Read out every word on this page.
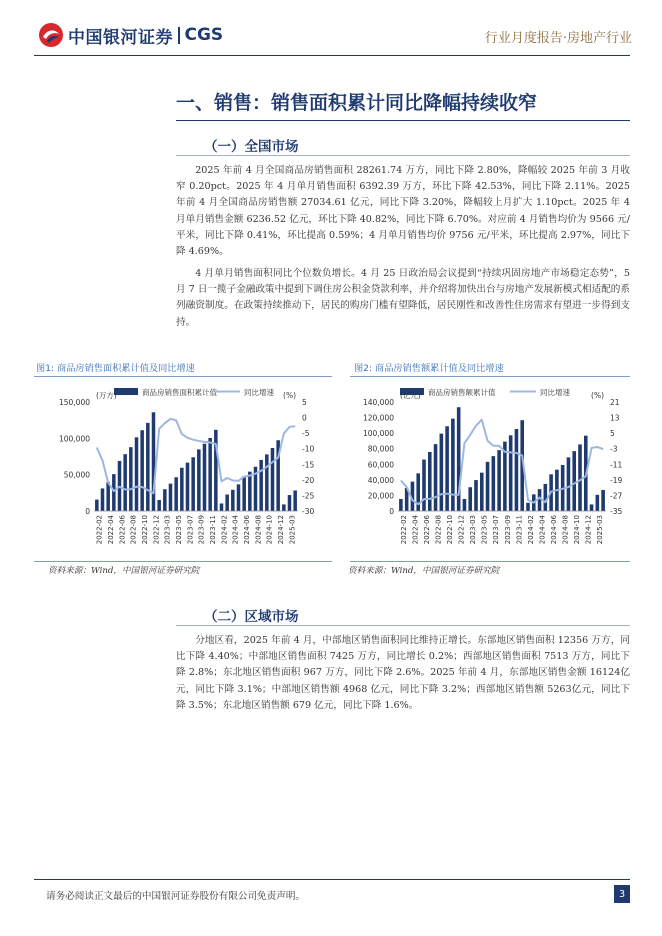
中国银河证券 CGS	行业月度报告·房地产行业
一、销售：销售面积累计同比降幅持续收窄
（一）全国市场
2025 年前 4 月全国商品房销售面积 28261.74 万方，同比下降 2.80%，降幅较 2025 年前 3 月收窄 0.20pct。2025 年 4 月单月销售面积 6392.39 万方，环比下降 42.53%，同比下降 2.11%。2025 年前 4 月全国商品房销售额 27034.61 亿元，同比下降 3.20%，降幅较上月扩大 1.10pct。2025 年 4 月单月销售金额 6236.52 亿元，环比下降 40.82%，同比下降 6.70%。对应前 4 月销售均价为 9566 元/平米，同比下降 0.41%，环比提高 0.59%；4 月单月销售均价 9756 元/平米，环比提高 2.97%，同比下降 4.69%。
4 月单月销售面积同比个位数负增长。4 月 25 日政治局会议提到“持续巩固房地产市场稳定态势”，5 月 7 日一揽子金融政策中提到下调住房公积金贷款利率，并介绍将加快出台与房地产发展新模式相适配的系列融资制度。在政策持续推动下，居民的购房门槛有望降低，居民刚性和改善性住房需求有望进一步得到支持。
图1: 商品房销售面积累计值及同比增速	图2: 商品房销售额累计值及同比增速
商品房销售面积累计值	同比增速
(万方)	(%)
0
50,000
100,000
150,000	5
0
-5
-10
-15
-20
-25
-30
2022-02 2022-04 2022-06 2022-08 2022-10 2022-12 2023-03 2023-05 2023-07 2023-09 2023-11 2024-02 2024-04 2024-06 2024-08 2024-10 2024-12 2025-03
商品房销售额累计值	同比增速
(亿元)	(%)
0
20,000
40,000
60,000
80,000
100,000
120,000
140,000	21
13
5
-3
-11
-19
-27
-35
2022-02 2022-04 2022-06 2022-08 2022-10 2022-12 2023-03 2023-05 2023-07 2023-09 2023-11 2024-02 2024-04 2024-06 2024-08 2024-10 2024-12 2025-03
资料来源：Wind，中国银河证券研究院	资料来源：Wind，中国银河证券研究院
（二）区域市场
分地区看，2025 年前 4 月，中部地区销售面积同比维持正增长。东部地区销售面积 12356 万方，同比下降 4.40%；中部地区销售面积 7425 万方，同比增长 0.2%；西部地区销售面积 7513 万方，同比下降 2.8%；东北地区销售面积 967 万方，同比下降 2.6%。2025 年前 4 月，东部地区销售金额 16124亿元，同比下降 3.1%；中部地区销售额 4968 亿元，同比下降 3.2%；西部地区销售额 5263亿元，同比下降 3.5%；东北地区销售额 679 亿元，同比下降 1.6%。
请务必阅读正文最后的中国银河证券股份有限公司免责声明。	3
